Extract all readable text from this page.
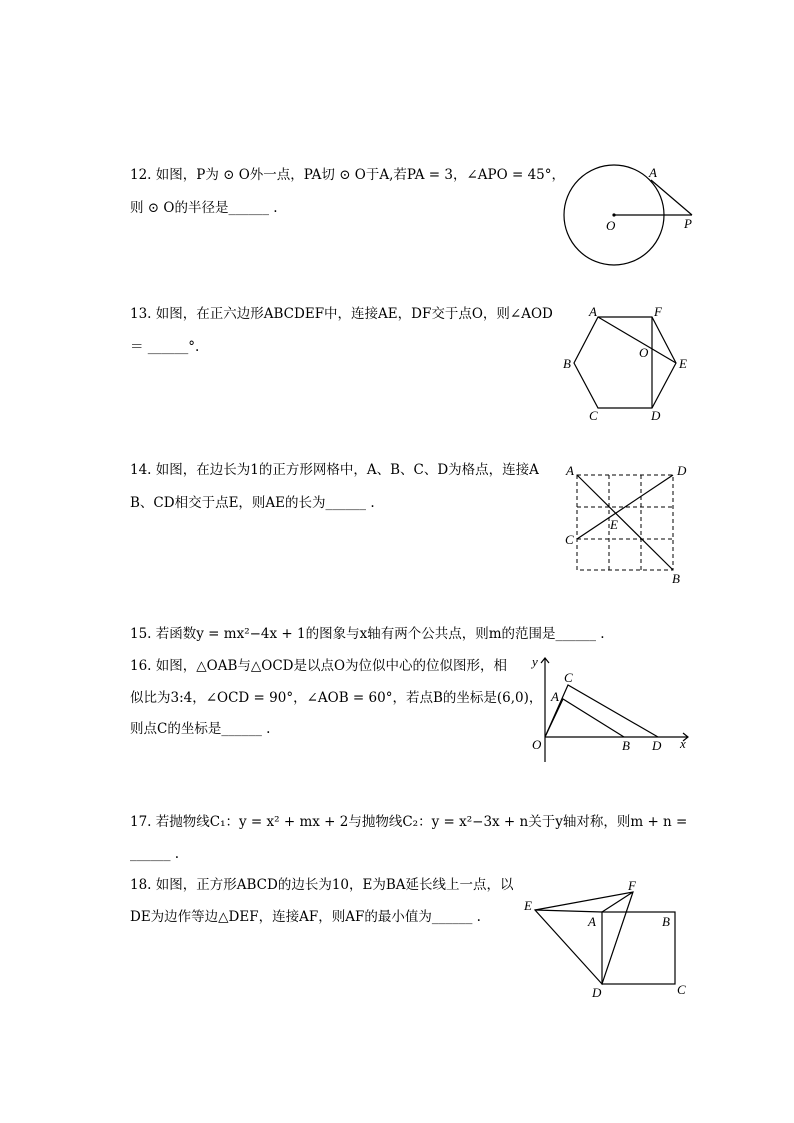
12. 如图，P为 ⊙ O外一点，PA切 ⊙ O于A,若PA = 3，∠APO = 45°，
则 ⊙ O的半径是______ .
A
O	P
13. 如图，在正六边形ABCDEF中，连接AE，DF交于点O，则∠AOD
＝ ______°.
A	F
B	E
O
C	D
14. 如图，在边长为1的正方形网格中，A、B、C、D为格点，连接A
B、CD相交于点E，则AE的长为______ .
A	D
C
E
B
15. 若函数y = mx²−4x + 1的图象与x轴有两个公共点，则m的范围是______ .
16. 如图，△OAB与△OCD是以点O为位似中心的位似图形，相
似比为3:4，∠OCD = 90°，∠AOB = 60°，若点B的坐标是(6,0)，
则点C的坐标是______ .
y
O
C
A
B D x
17. 若抛物线C₁：y = x² + mx + 2与抛物线C₂：y = x²−3x + n关于y轴对称，则m + n =
______ .
18. 如图，正方形ABCD的边长为10，E为BA延长线上一点，以
DE为边作等边△DEF，连接AF，则AF的最小值为______ .
E
F
A	B
C
D
